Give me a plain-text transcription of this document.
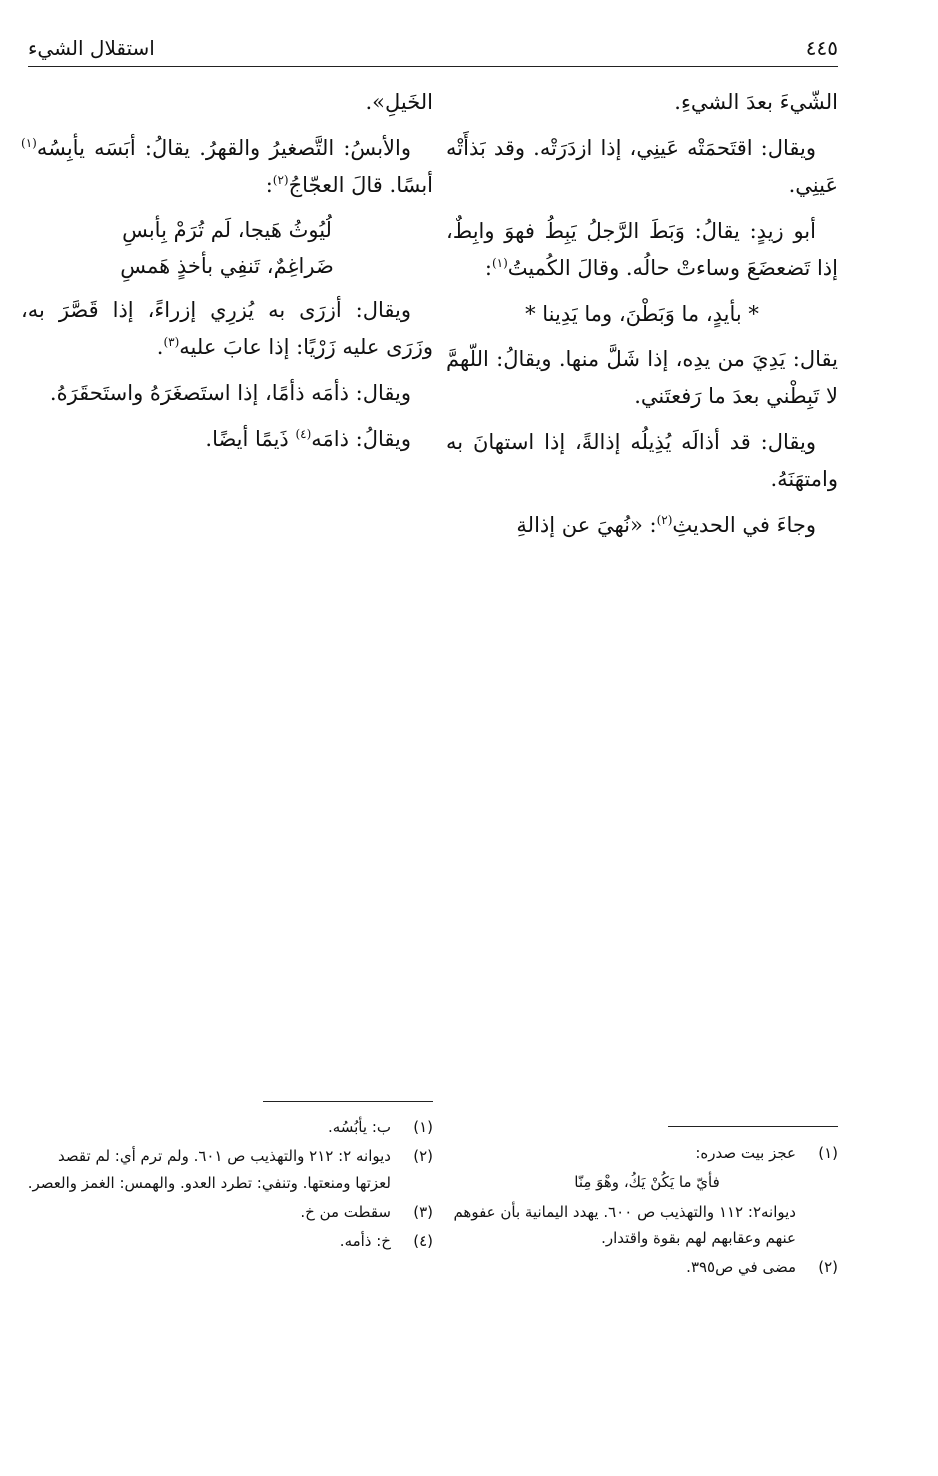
٤٤٥
استقلال الشيء

الشّيءَ بعدَ الشيءِ.

ويقال: اقتَحمَتْه عَينِي، إذا ازدَرَتْه. وقد بَذأَتْه عَينِي.

أبو زيدٍ: يقالُ: وَبَطَ الرَّجلُ يَبِطُ فهوَ وابِطٌ، إذا تَضعضَعَ وساءتْ حالُه. وقالَ الكُميتُ$^{(١)}$:

* بأيدٍ، ما وَبَطْنَ، وما يَدِينا *

يقال: يَدِيَ من يدِه، إذا شَلَّ منها. ويقالُ: اللّهمَّ لا تَبِطْني بعدَ ما رَفعتَني.

ويقال: قد أذالَه يُذِيلُه إذالةً، إذا استهانَ به وامتهَنَهُ.

وجاءَ في الحديثِ$^{(٢)}$: «نُهيَ عن إذالةِ

الخَيلِ».

والأبسُ: التَّصغيرُ والقهرُ. يقالُ: أبَسَه يأبِسُه$^{(١)}$ أبسًا. قالَ العجّاجُ$^{(٢)}$:

لُيُوثُ هَيجا، لَم تُرَمْ بِأبسِ
ضَراغِمٌ، تَنفِي بأخذٍ هَمسِ

ويقال: أزرَى به يُزرِي إزراءً، إذا قَصَّرَ به، وزَرَى عليه زَرْيًا: إذا عابَ عليه$^{(٣)}$.

ويقال: ذأمَه ذأمًا، إذا استَصغَرَهُ واستَحقَرَهُ.

ويقالُ: ذامَه$^{(٤)}$ ذَيمًا أيضًا.

(١)
عجز بيت صدره:
فأيّ ما يَكُنْ يَكُ، وهْوَ مِنّا
ديوانه٢: ١١٢ والتهذيب ص ٦٠٠. يهدد اليمانية بأن عفوهم عنهم وعقابهم لهم بقوة واقتدار.
(٢)
مضى في ص٣٩٥.
(١)
ب: يأبُسُه.
(٢)
ديوانه ٢: ٢١٢ والتهذيب ص ٦٠١. ولم ترم أي: لم تقصد لعزتها ومنعتها. وتنفي: تطرد العدو. والهمس: الغمز والعصر.
(٣)
سقطت من خ.
(٤)
خ: ذأمه.
